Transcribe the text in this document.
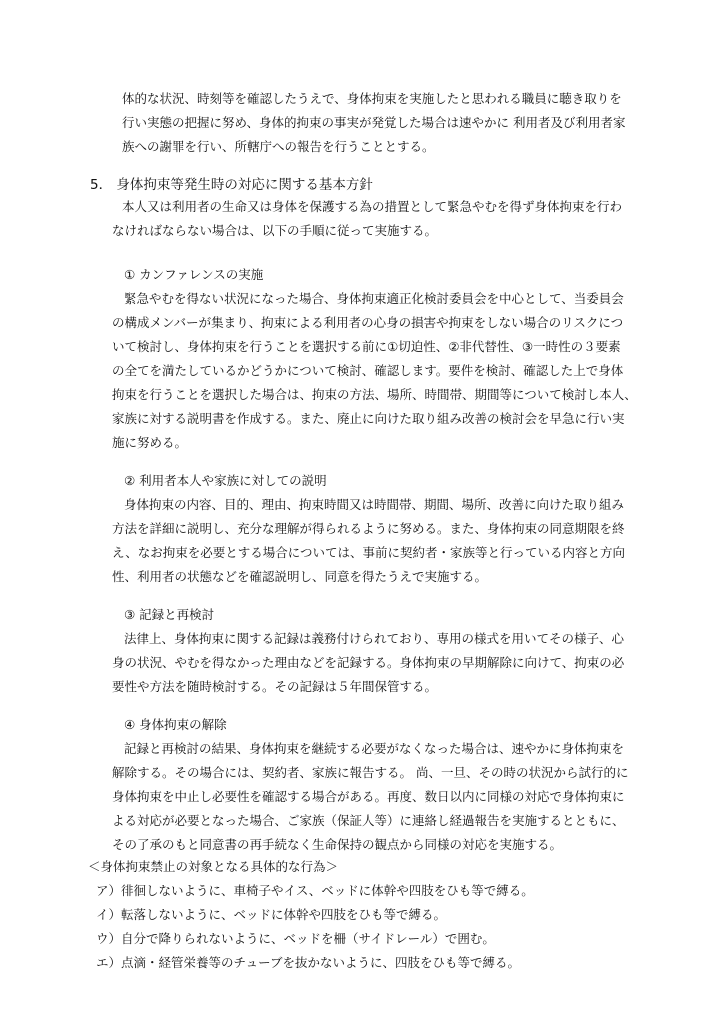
体的な状況、時刻等を確認したうえで、身体拘束を実施したと思われる職員に聴き取りを
行い実態の把握に努め、身体的拘束の事実が発覚した場合は速やかに 利用者及び利用者家
族への謝罪を行い、所轄庁への報告を行うこととする。
5． 身体拘束等発生時の対応に関する基本方針
本人又は利用者の生命又は身体を保護する為の措置として緊急やむを得ず身体拘束を行わ
なければならない場合は、以下の手順に従って実施する。
① カンファレンスの実施
緊急やむを得ない状況になった場合、身体拘束適正化検討委員会を中心として、当委員会
の構成メンバーが集まり、拘束による利用者の心身の損害や拘束をしない場合のリスクにつ
いて検討し、身体拘束を行うことを選択する前に①切迫性、②非代替性、③一時性の３要素
の全てを満たしているかどうかについて検討、確認します。要件を検討、確認した上で身体
拘束を行うことを選択した場合は、拘束の方法、場所、時間帯、期間等について検討し本人、
家族に対する説明書を作成する。また、廃止に向けた取り組み改善の検討会を早急に行い実
施に努める。
② 利用者本人や家族に対しての説明
身体拘束の内容、目的、理由、拘束時間又は時間帯、期間、場所、改善に向けた取り組み
方法を詳細に説明し、充分な理解が得られるように努める。また、身体拘束の同意期限を終
え、なお拘束を必要とする場合については、事前に契約者・家族等と行っている内容と方向
性、利用者の状態などを確認説明し、同意を得たうえで実施する。
③ 記録と再検討
法律上、身体拘束に関する記録は義務付けられており、専用の様式を用いてその様子、心
身の状況、やむを得なかった理由などを記録する。身体拘束の早期解除に向けて、拘束の必
要性や方法を随時検討する。その記録は５年間保管する。
④ 身体拘束の解除
記録と再検討の結果、身体拘束を継続する必要がなくなった場合は、速やかに身体拘束を
解除する。その場合には、契約者、家族に報告する。 尚、一旦、その時の状況から試行的に
身体拘束を中止し必要性を確認する場合がある。再度、数日以内に同様の対応で身体拘束に
よる対応が必要となった場合、ご家族（保証人等）に連絡し経過報告を実施するとともに、
その了承のもと同意書の再手続なく生命保持の観点から同様の対応を実施する。
＜身体拘束禁止の対象となる具体的な行為＞
ア）徘徊しないように、車椅子やイス、ベッドに体幹や四肢をひも等で縛る。
イ）転落しないように、ベッドに体幹や四肢をひも等で縛る。
ウ）自分で降りられないように、ベッドを柵（サイドレール）で囲む。
エ）点滴・経管栄養等のチューブを抜かないように、四肢をひも等で縛る。
